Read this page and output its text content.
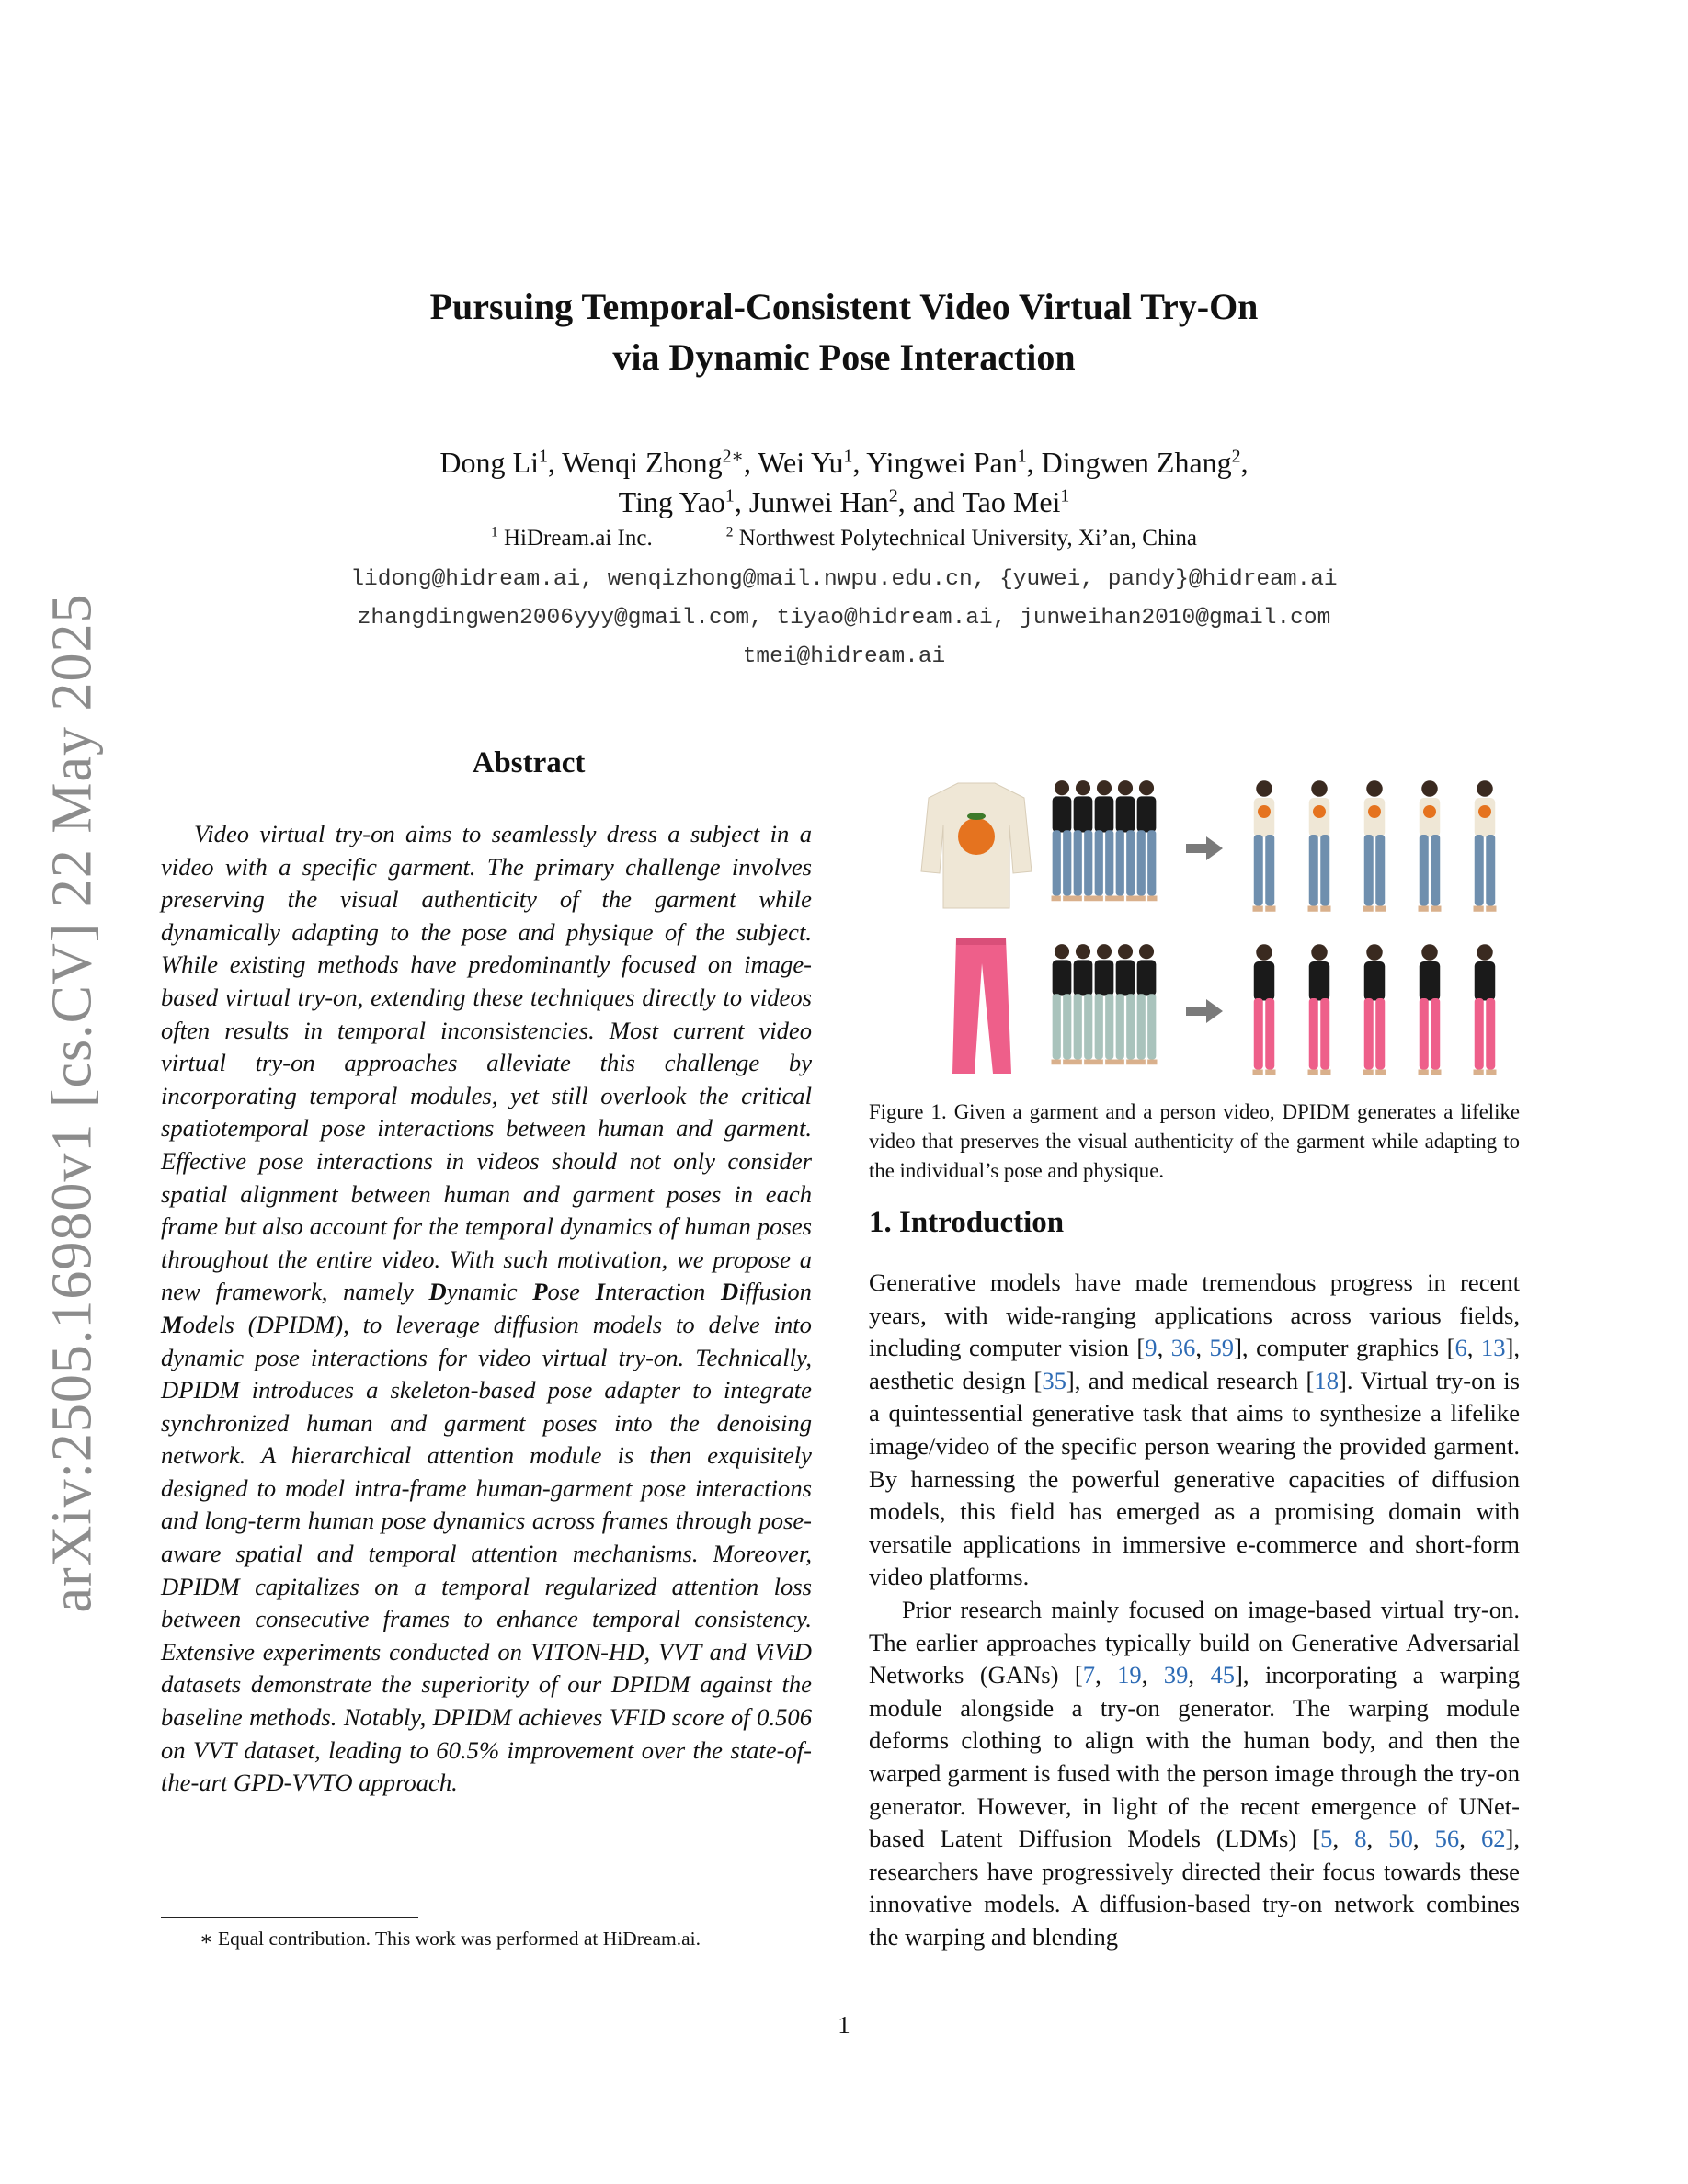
arXiv:2505.16980v1 [cs.CV] 22 May 2025
Pursuing Temporal-Consistent Video Virtual Try-On
via Dynamic Pose Interaction
Dong Li$^1$, Wenqi Zhong$^{2∗}$, Wei Yu$^1$, Yingwei Pan$^1$, Dingwen Zhang$^2$,
Ting Yao$^1$, Junwei Han$^2$, and Tao Mei$^1$
$^1$ HiDream.ai Inc.	$^2$ Northwest Polytechnical University, Xi’an, China
lidong@hidream.ai, wenqizhong@mail.nwpu.edu.cn, {yuwei, pandy}@hidream.ai
zhangdingwen2006yyy@gmail.com, tiyao@hidream.ai, junweihan2010@gmail.com
tmei@hidream.ai
Abstract

Video virtual try-on aims to seamlessly dress a subject in a video with a specific garment. The primary challenge involves preserving the visual authenticity of the garment while dynamically adapting to the pose and physique of the subject. While existing methods have predominantly focused on image-based virtual try-on, extending these techniques directly to videos often results in temporal inconsistencies. Most current video virtual try-on approaches alleviate this challenge by incorporating temporal modules, yet still overlook the critical spatiotemporal pose interactions between human and garment. Effective pose interactions in videos should not only consider spatial alignment between human and garment poses in each frame but also account for the temporal dynamics of human poses throughout the entire video. With such motivation, we propose a new framework, namely Dynamic Pose Interaction Diffusion Models (DPIDM), to leverage diffusion models to delve into dynamic pose interactions for video virtual try-on. Technically, DPIDM introduces a skeleton-based pose adapter to integrate synchronized human and garment poses into the denoising network. A hierarchical attention module is then exquisitely designed to model intra-frame human-garment pose interactions and long-term human pose dynamics across frames through pose-aware spatial and temporal attention mechanisms. Moreover, DPIDM capitalizes on a temporal regularized attention loss between consecutive frames to enhance temporal consistency. Extensive experiments conducted on VITON-HD, VVT and ViViD datasets demonstrate the superiority of our DPIDM against the baseline methods. Notably, DPIDM achieves VFID score of 0.506 on VVT dataset, leading to 60.5% improvement over the state-of-the-art GPD-VVTO approach.

∗ Equal contribution. This work was performed at HiDream.ai.
Figure 1. Given a garment and a person video, DPIDM generates a lifelike video that preserves the visual authenticity of the garment while adapting to the individual’s pose and physique.
1. Introduction

Generative models have made tremendous progress in recent years, with wide-ranging applications across various fields, including computer vision [9, 36, 59], computer graphics [6, 13], aesthetic design [35], and medical research [18]. Virtual try-on is a quintessential generative task that aims to synthesize a lifelike image/video of the specific person wearing the provided garment. By harnessing the powerful generative capacities of diffusion models, this field has emerged as a promising domain with versatile applications in immersive e-commerce and short-form video platforms.

Prior research mainly focused on image-based virtual try-on. The earlier approaches typically build on Generative Adversarial Networks (GANs) [7, 19, 39, 45], incorporating a warping module alongside a try-on generator. The warping module deforms clothing to align with the human body, and then the warped garment is fused with the person image through the try-on generator. However, in light of the recent emergence of UNet-based Latent Diffusion Models (LDMs) [5, 8, 50, 56, 62], researchers have progressively directed their focus towards these innovative models. A diffusion-based try-on network combines the warping and blending

1
